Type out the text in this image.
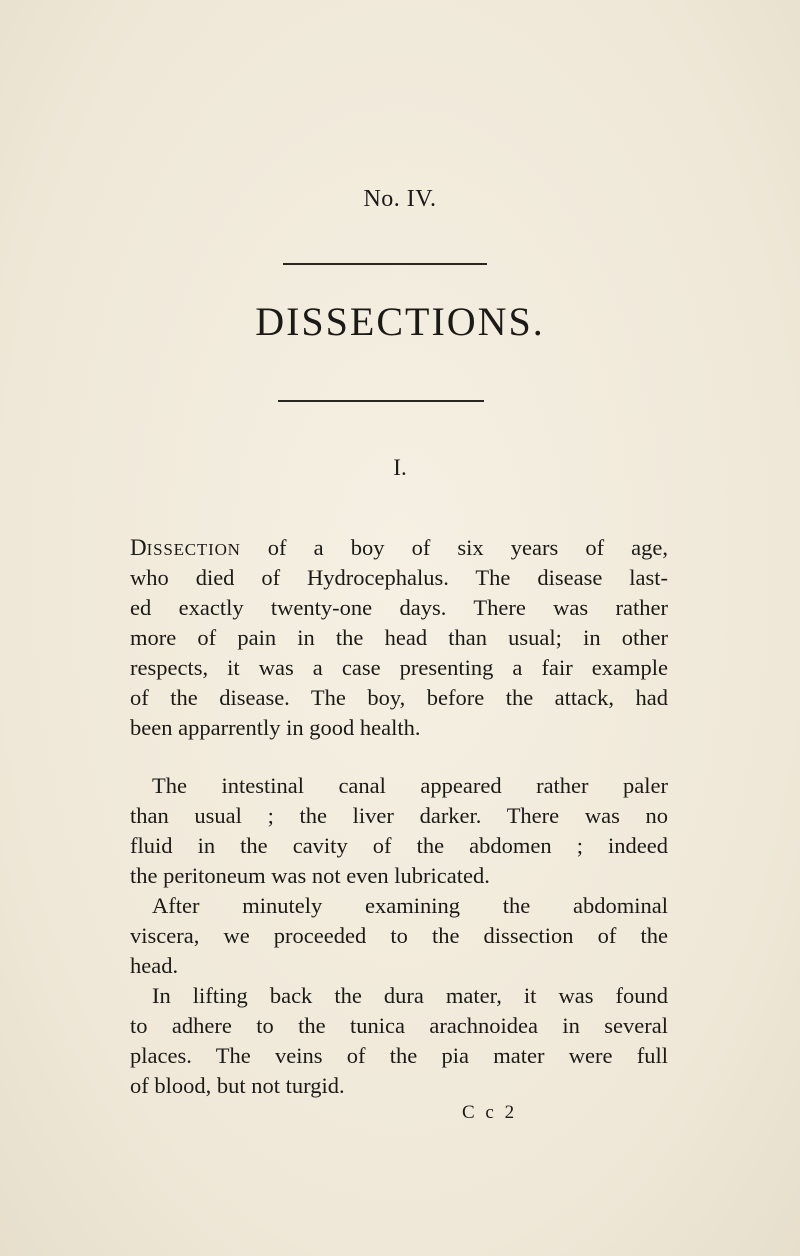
No. IV.
DISSECTIONS.
I.
DISSECTION of a boy of six years of age,
who died of Hydrocephalus. The disease last-
ed exactly twenty-one days. There was rather
more of pain in the head than usual; in other
respects, it was a case presenting a fair example
of the disease. The boy, before the attack, had
been apparrently in good health.
The intestinal canal appeared rather paler
than usual ; the liver darker. There was no
fluid in the cavity of the abdomen ; indeed
the peritoneum was not even lubricated.
After minutely examining the abdominal
viscera, we proceeded to the dissection of the
head.
In lifting back the dura mater, it was found
to adhere to the tunica arachnoidea in several
places. The veins of the pia mater were full
of blood, but not turgid.
C c 2
